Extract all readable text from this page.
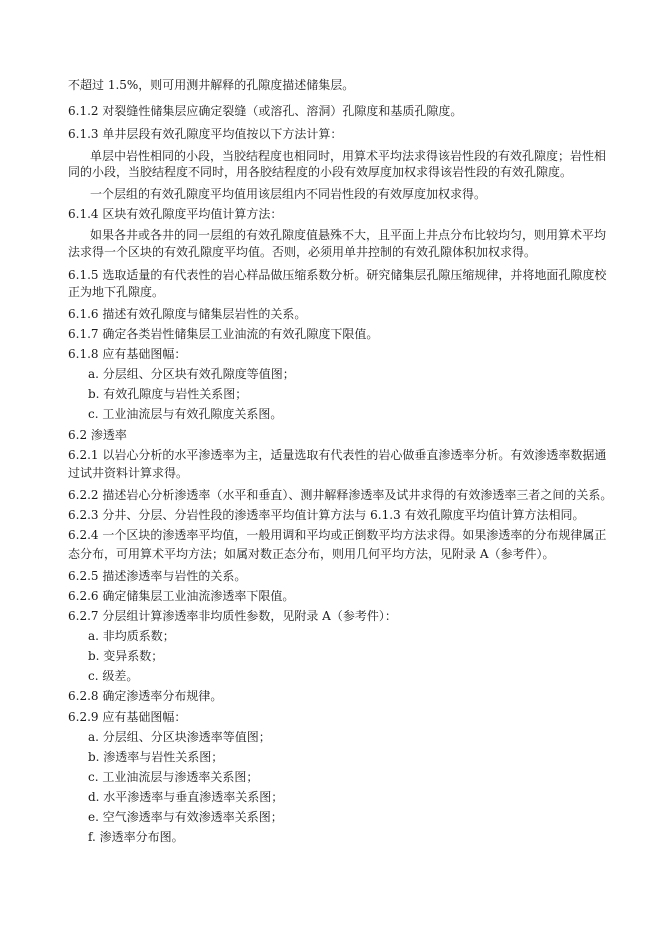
不超过 1.5%，则可用测井解释的孔隙度描述储集层。
6.1.2 对裂缝性储集层应确定裂缝（或溶孔、溶洞）孔隙度和基质孔隙度。
6.1.3 单井层段有效孔隙度平均值按以下方法计算：
单层中岩性相同的小段，当胶结程度也相同时，用算术平均法求得该岩性段的有效孔隙度；岩性相
同的小段，当胶结程度不同时，用各胶结程度的小段有效厚度加权求得该岩性段的有效孔隙度。
一个层组的有效孔隙度平均值用该层组内不同岩性段的有效厚度加权求得。
6.1.4 区块有效孔隙度平均值计算方法：
如果各井或各井的同一层组的有效孔隙度值悬殊不大，且平面上井点分布比较均匀，则用算术平均
法求得一个区块的有效孔隙度平均值。否则，必须用单井控制的有效孔隙体积加权求得。
6.1.5 选取适量的有代表性的岩心样品做压缩系数分析。研究储集层孔隙压缩规律，并将地面孔隙度校
正为地下孔隙度。
6.1.6 描述有效孔隙度与储集层岩性的关系。
6.1.7 确定各类岩性储集层工业油流的有效孔隙度下限值。
6.1.8 应有基础图幅：
a. 分层组、分区块有效孔隙度等值图；
b. 有效孔隙度与岩性关系图；
c. 工业油流层与有效孔隙度关系图。
6.2 渗透率
6.2.1 以岩心分析的水平渗透率为主，适量选取有代表性的岩心做垂直渗透率分析。有效渗透率数据通
过试井资料计算求得。
6.2.2 描述岩心分析渗透率（水平和垂直）、测井解释渗透率及试井求得的有效渗透率三者之间的关系。
6.2.3 分井、分层、分岩性段的渗透率平均值计算方法与 6.1.3 有效孔隙度平均值计算方法相同。
6.2.4 一个区块的渗透率平均值，一般用调和平均或正倒数平均方法求得。如果渗透率的分布规律属正
态分布，可用算术平均方法；如属对数正态分布，则用几何平均方法，见附录 A（参考件）。
6.2.5 描述渗透率与岩性的关系。
6.2.6 确定储集层工业油流渗透率下限值。
6.2.7 分层组计算渗透率非均质性参数，见附录 A（参考件）：
a. 非均质系数；
b. 变异系数；
c. 级差。
6.2.8 确定渗透率分布规律。
6.2.9 应有基础图幅：
a. 分层组、分区块渗透率等值图；
b. 渗透率与岩性关系图；
c. 工业油流层与渗透率关系图；
d. 水平渗透率与垂直渗透率关系图；
e. 空气渗透率与有效渗透率关系图；
f. 渗透率分布图。
